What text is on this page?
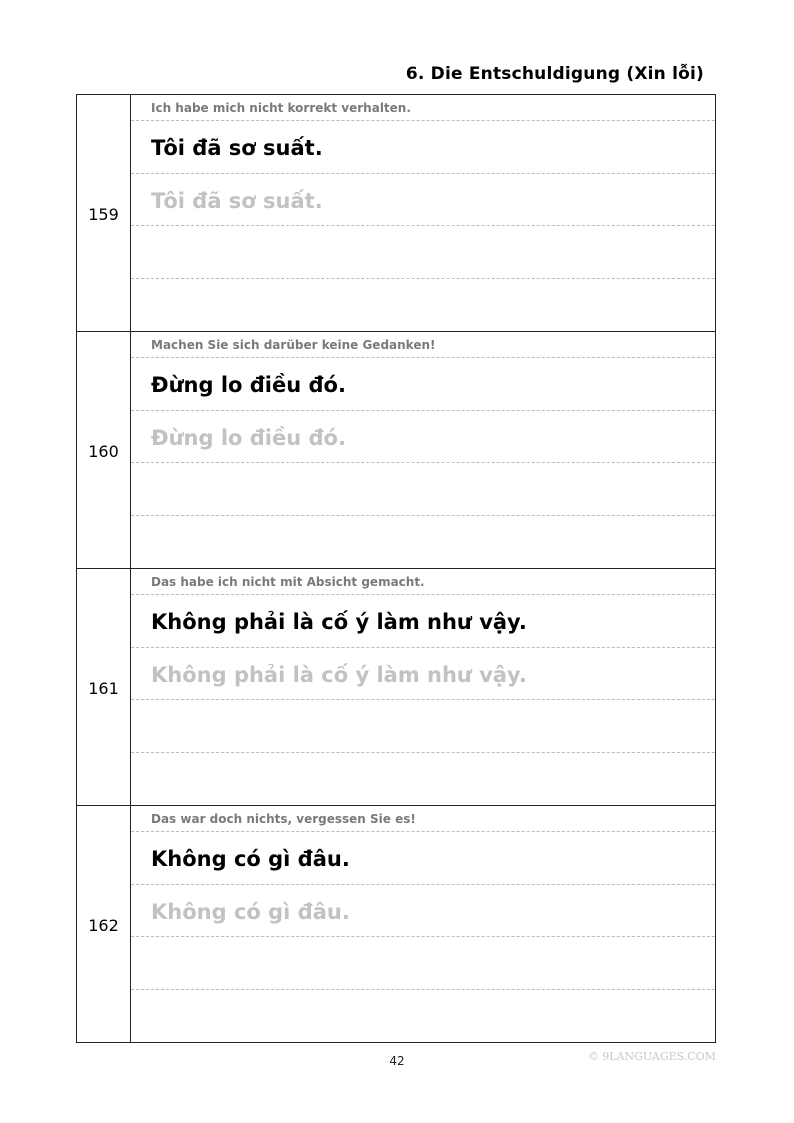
6. Die Entschuldigung (Xin lỗi)
159
Ich habe mich nicht korrekt verhalten.
Tôi đã sơ suất.
Tôi đã sơ suất.
160
Machen Sie sich darüber keine Gedanken!
Đừng lo điều đó.
Đừng lo điều đó.
161
Das habe ich nicht mit Absicht gemacht.
Không phải là cố ý làm như vậy.
Không phải là cố ý làm như vậy.
162
Das war doch nichts, vergessen Sie es!
Không có gì đâu.
Không có gì đâu.
42	© 9LANGUAGES.COM
